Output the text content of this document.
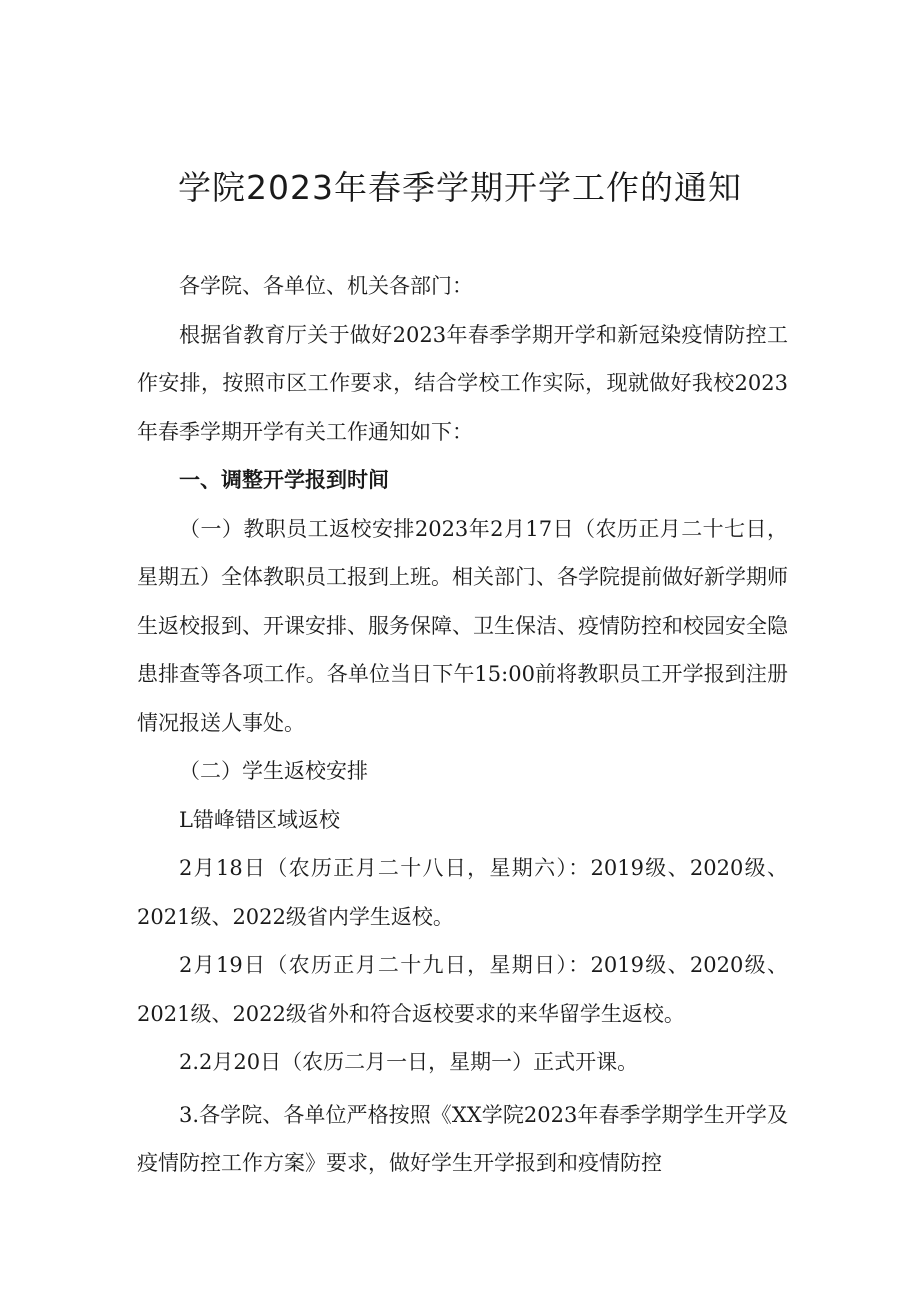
学院2023年春季学期开学工作的通知

各学院、各单位、机关各部门：

根据省教育厅关于做好2023年春季学期开学和新冠染疫情防控工作安排，按照市区工作要求，结合学校工作实际，现就做好我校2023年春季学期开学有关工作通知如下：

一、调整开学报到时间

（一）教职员工返校安排2023年2月17日（农历正月二十七日，星期五）全体教职员工报到上班。相关部门、各学院提前做好新学期师生返校报到、开课安排、服务保障、卫生保洁、疫情防控和校园安全隐患排查等各项工作。各单位当日下午15:00前将教职员工开学报到注册情况报送人事处。

（二）学生返校安排

L错峰错区域返校

2月18日（农历正月二十八日，星期六）：2019级、2020级、2021级、2022级省内学生返校。

2月19日（农历正月二十九日，星期日）：2019级、2020级、2021级、2022级省外和符合返校要求的来华留学生返校。

2.2月20日（农历二月一日，星期一）正式开课。

3.各学院、各单位严格按照《XX学院2023年春季学期学生开学及疫情防控工作方案》要求，做好学生开学报到和疫情防控
